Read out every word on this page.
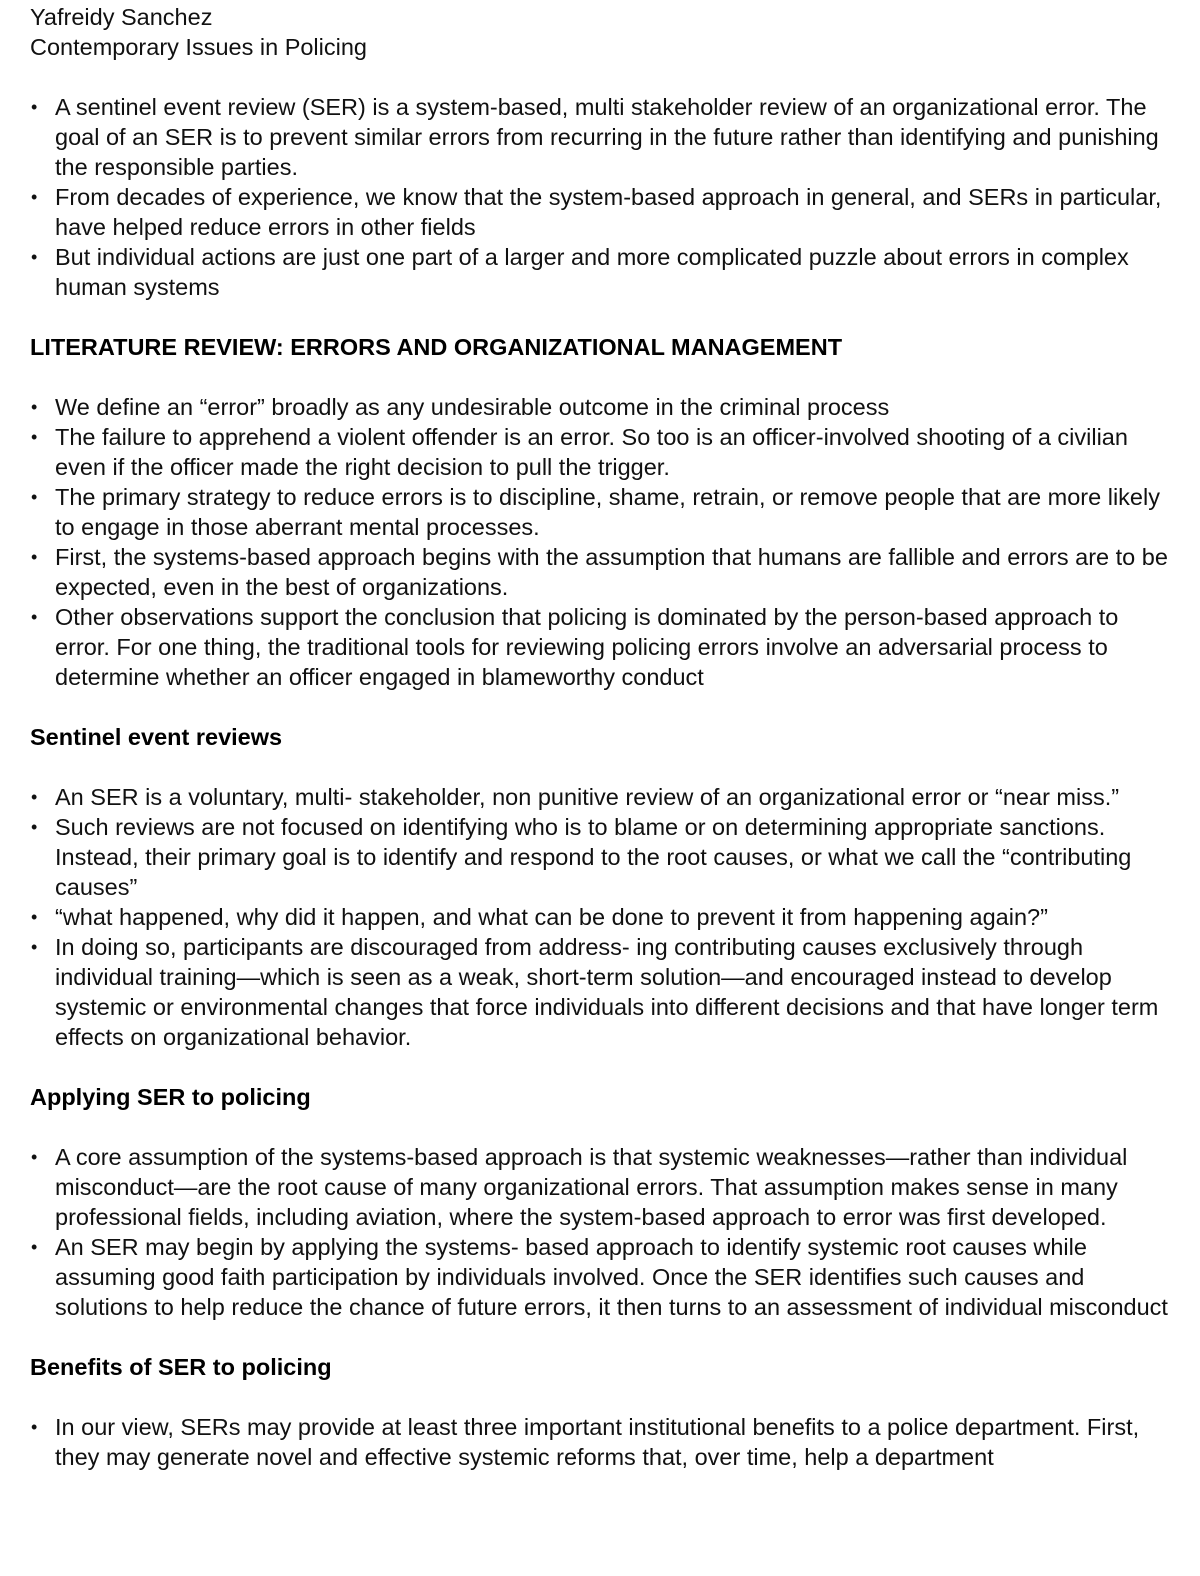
Yafreidy Sanchez

Contemporary Issues in Policing

• A sentinel event review (SER) is a system-based, multi stakeholder review of an organizational error. The goal of an SER is to prevent similar errors from recurring in the future rather than identifying and punishing the responsible parties.
• From decades of experience, we know that the system-based approach in general, and SERs in particular, have helped reduce errors in other fields
• But individual actions are just one part of a larger and more complicated puzzle about errors in complex human systems
LITERATURE REVIEW: ERRORS AND ORGANIZATIONAL MANAGEMENT
• We define an “error” broadly as any undesirable outcome in the criminal process
• The failure to apprehend a violent offender is an error. So too is an officer-involved shooting of a civilian even if the officer made the right decision to pull the trigger.
• The primary strategy to reduce errors is to discipline, shame, retrain, or remove people that are more likely to engage in those aberrant mental processes.
• First, the systems-based approach begins with the assumption that humans are fallible and errors are to be expected, even in the best of organizations.
• Other observations support the conclusion that policing is dominated by the person-based approach to error. For one thing, the traditional tools for reviewing policing errors involve an adversarial process to determine whether an officer engaged in blameworthy conduct
Sentinel event reviews
• An SER is a voluntary, multi- stakeholder, non punitive review of an organizational error or “near miss.”
• Such reviews are not focused on identifying who is to blame or on determining appropriate sanctions. Instead, their primary goal is to identify and respond to the root causes, or what we call the “contributing causes”
• “what happened, why did it happen, and what can be done to prevent it from happening again?”
• In doing so, participants are discouraged from address- ing contributing causes exclusively through individual training—which is seen as a weak, short-term solution—and encouraged instead to develop systemic or environmental changes that force individuals into different decisions and that have longer term effects on organizational behavior.
Applying SER to policing
• A core assumption of the systems-based approach is that systemic weaknesses—rather than individual misconduct—are the root cause of many organizational errors. That assumption makes sense in many professional fields, including aviation, where the system-based approach to error was first developed.
• An SER may begin by applying the systems- based approach to identify systemic root causes while assuming good faith participation by individuals involved. Once the SER identifies such causes and solutions to help reduce the chance of future errors, it then turns to an assessment of individual misconduct
Benefits of SER to policing
• In our view, SERs may provide at least three important institutional benefits to a police department. First, they may generate novel and effective systemic reforms that, over time, help a department
